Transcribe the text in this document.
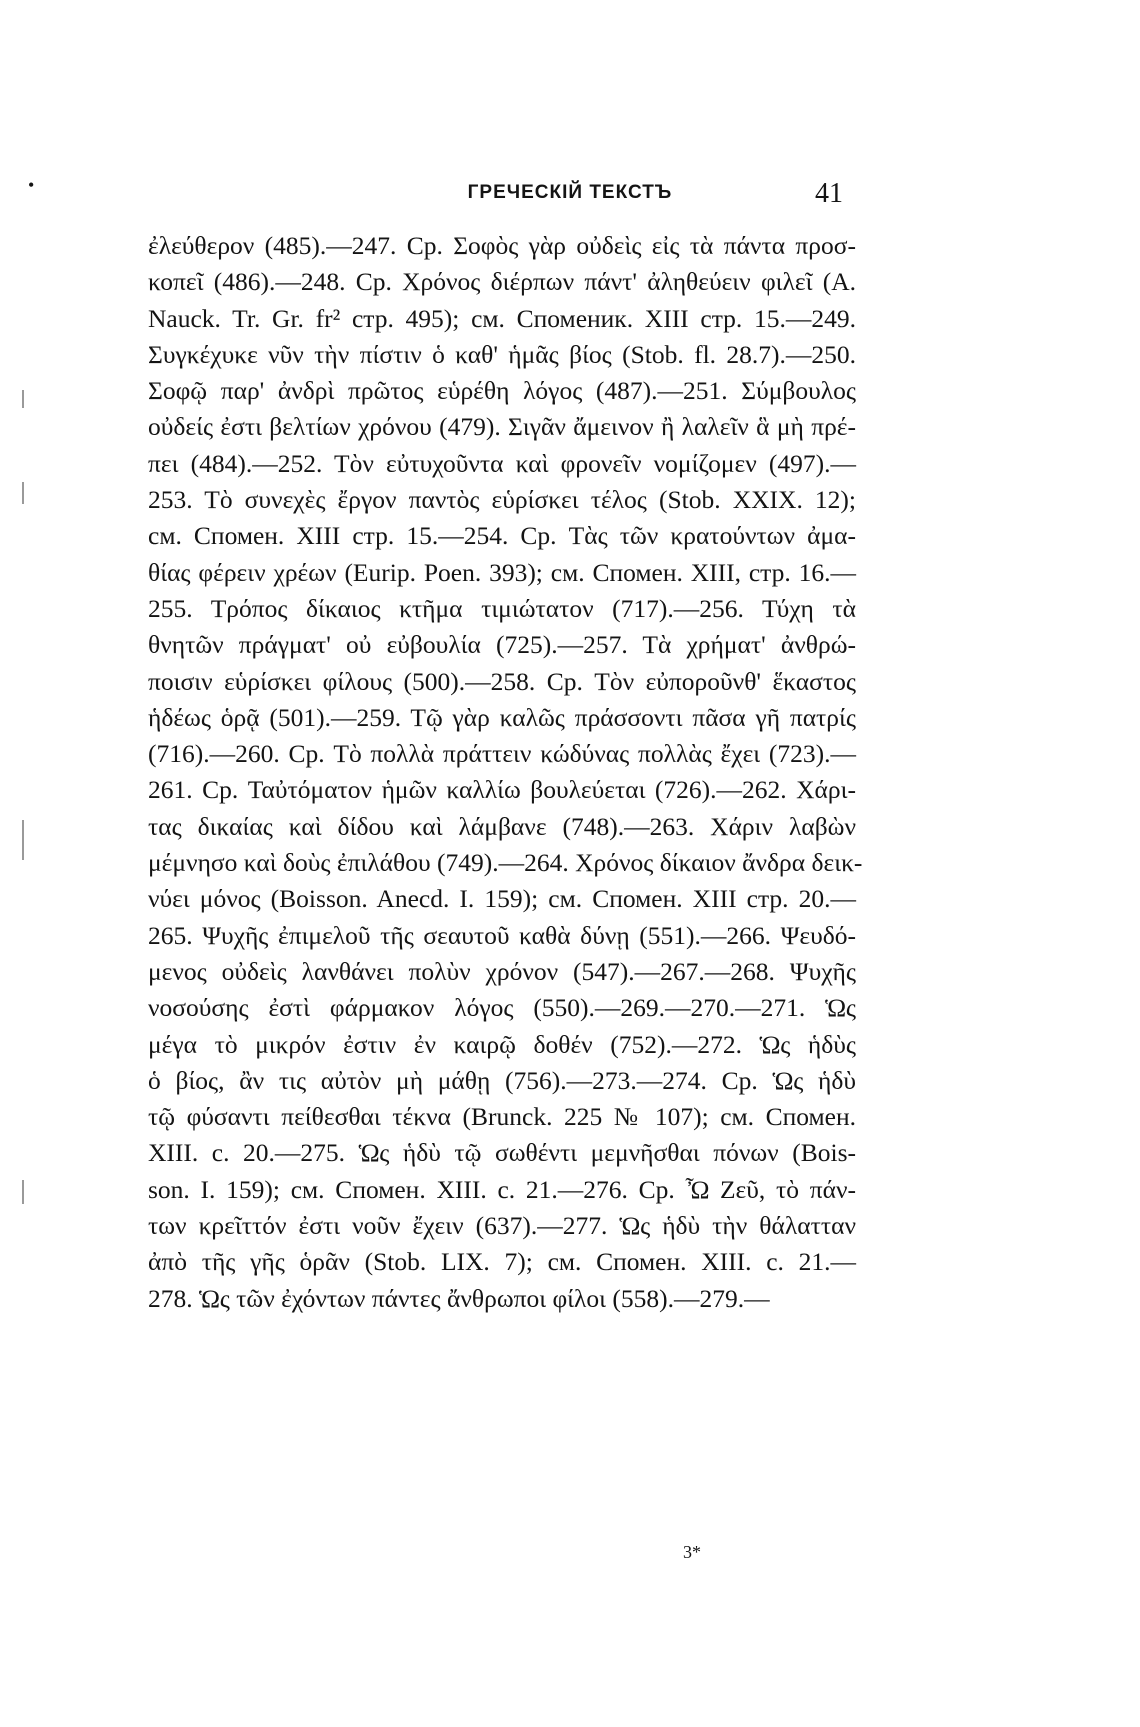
•	ГРЕЧЕСКІЙ ТЕКСТЪ	41
ἐλεύθερον (485).—247. Ср. Σοφὸς γὰρ οὐδεὶς εἰς τὰ πάντα προσ-
κοπεῖ (486).—248. Ср. Χρόνος διέρπων πάντ' ἀληθεύειν φιλεῖ (A.
Nauck. Tr. Gr. fr² стр. 495); см. Споменик. XIII стр. 15.—249.
Συγκέχυκε νῦν τὴν πίστιν ὁ καθ' ἡμᾶς βίος (Stob. fl. 28.7).—250.
Σοφῷ παρ' ἀνδρὶ πρῶτος εὑρέθη λόγος (487).—251. Σύμβουλος
οὐδείς ἐστι βελτίων χρόνου (479). Σιγᾶν ἄμεινον ἢ λαλεῖν ἃ μὴ πρέ-
πει (484).—252. Τὸν εὐτυχοῦντα καὶ φρονεῖν νομίζομεν (497).—
253. Τὸ συνεχὲς ἔργον παντὸς εὑρίσκει τέλος (Stob. XXIX. 12);
см. Спомен. XIII стр. 15.—254. Ср. Τὰς τῶν κρατούντων ἀμα-
θίας φέρειν χρέων (Eurip. Poen. 393); см. Спомен. XIII, стр. 16.—
255. Τρόπος δίκαιος κτῆμα τιμιώτατον (717).—256. Τύχη τὰ
θνητῶν πράγματ' οὐ εὐβουλία (725).—257. Τὰ χρήματ' ἀνθρώ-
ποισιν εὑρίσκει φίλους (500).—258. Ср. Τὸν εὐποροῦνθ' ἕκαστος
ἡδέως ὁρᾷ (501).—259. Τῷ γὰρ καλῶς πράσσοντι πᾶσα γῆ πατρίς
(716).—260. Ср. Τὸ πολλὰ πράττειν κώδύνας πολλὰς ἔχει (723).—
261. Ср. Ταὐτόματον ἡμῶν καλλίω βουλεύεται (726).—262. Χάρι-
τας δικαίας καὶ δίδου καὶ λάμβανε (748).—263. Χάριν λαβὼν
μέμνησο καὶ δοὺς ἐπιλάθου (749).—264. Χρόνος δίκαιον ἄνδρα δεικ-
νύει μόνος (Boisson. Anecd. I. 159); см. Спомен. XIII стр. 20.—
265. Ψυχῆς ἐπιμελοῦ τῆς σεαυτοῦ καθὰ δύνῃ (551).—266. Ψευδό-
μενος οὐδεὶς λανθάνει πολὺν χρόνον (547).—267.—268. Ψυχῆς
νοσούσης ἐστὶ φάρμακον λόγος (550).—269.—270.—271. Ὡς
μέγα τὸ μικρόν ἐστιν ἐν καιρῷ δοθέν (752).—272. Ὡς ἡδὺς
ὁ βίος, ἂν τις αὐτὸν μὴ μάθῃ (756).—273.—274. Ср. Ὡς ἡδὺ
τῷ φύσαντι πείθεσθαι τέκνα (Brunck. 225 № 107); см. Спомен.
XIII. с. 20.—275. Ὡς ἡδὺ τῷ σωθέντι μεμνῆσθαι πόνων (Bois-
son. I. 159); см. Спомен. XIII. с. 21.—276. Ср. Ὦ Ζεῦ, τὸ πάν-
των κρεῖττόν ἐστι νοῦν ἔχειν (637).—277. Ὡς ἡδὺ τὴν θάλατταν
ἀπὸ τῆς γῆς ὁρᾶν (Stob. LIX. 7); см. Спомен. XIII. с. 21.—
278. Ὡς τῶν ἐχόντων πάντες ἄνθρωποι φίλοι (558).—279.—
3*
